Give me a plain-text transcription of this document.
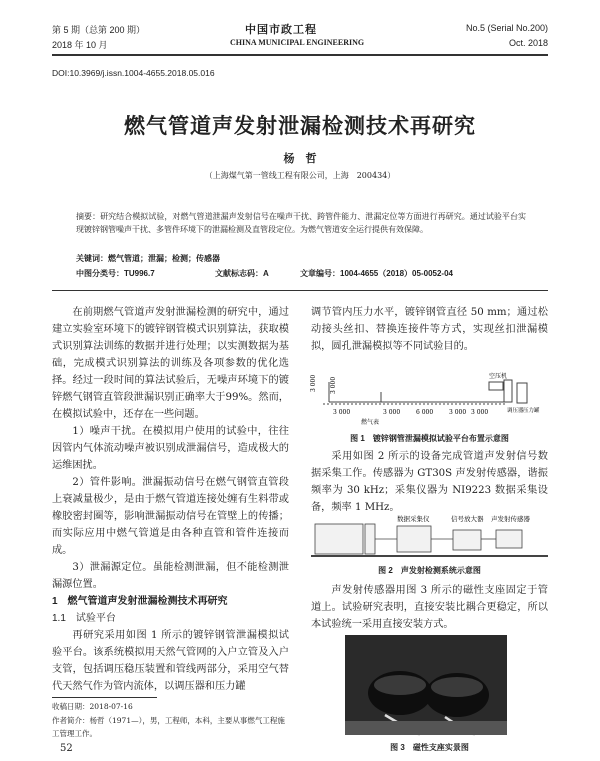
第 5 期（总第 200 期）
2018 年 10 月
中国市政工程
CHINA MUNICIPAL ENGINEERING
No.5 (Serial No.200)
Oct. 2018
DOI:10.3969/j.issn.1004-4655.2018.05.016
燃气管道声发射泄漏检测技术再研究
杨　哲
（上海煤气第一管线工程有限公司，上海　200434）
摘要：研究结合模拟试验，对燃气管道泄漏声发射信号在噪声干扰、跨管件能力、泄漏定位等方面进行再研究。通过试验平台实现镀锌钢管噪声干扰、多管件环境下的泄漏检测及直管段定位。为燃气管道安全运行提供有效保障。
关键词：燃气管道；泄漏；检测；传感器
中图分类号：TU996.7	文献标志码：A	文章编号：1004-4655（2018）05-0052-04

在前期燃气管道声发射泄漏检测的研究中，通过建立实验室环境下的镀锌钢管模式识别算法，获取模式识别算法训练的数据并进行处理；以实测数据为基础，完成模式识别算法的训练及各项参数的优化选择。经过一段时间的算法试验后，无噪声环境下的镀锌燃气钢管直管段泄漏识别正确率大于99%。然而，在模拟试验中，还存在一些问题。

1）噪声干扰。在模拟用户使用的试验中，往往因管内气体流动噪声被识别成泄漏信号，造成极大的运维困扰。

2）管件影响。泄漏振动信号在燃气钢管直管段上衰减量极少，是由于燃气管道连接处缠有生料带或橡胶密封圈等，影响泄漏振动信号在管壁上的传播；而实际应用中燃气管道是由各种直管和管件连接而成。

3）泄漏源定位。虽能检测泄漏，但不能检测泄漏源位置。

1　燃气管道声发射泄漏检测技术再研究

1.1　试验平台

再研究采用如图 1 所示的镀锌钢管泄漏模拟试验平台。该系统模拟用天然气管网的入户立管及入户支管，包括调压稳压装置和管线两部分，采用空气替代天然气作为管内流体，以调压器和压力罐

收稿日期：2018-07-16
作者简介：杨哲（1971—），男，工程师，本科，主要从事燃气工程施工管理工作。
52

调节管内压力水平，镀锌钢管直径 50 mm；通过松动接头丝扣、替换连接件等方式，实现丝扣泄漏模拟，圆孔泄漏模拟等不同试验目的。

3 000 3 000
3 000	3 000	6 000	3 000 3 000
空压机
调压器 压力罐
燃气表
图 1　镀锌钢管泄漏模拟试验平台布置示意图

采用如图 2 所示的设备完成管道声发射信号数据采集工作。传感器为 GT30S 声发射传感器，谐振频率为 30 kHz；采集仪器为 NI9223 数据采集设备，频率 1 MHz。

数据采集仪	信号放大器 声发射传感器
图 2　声发射检测系统示意图

声发射传感器用图 3 所示的磁性支座固定于管道上。试验研究表明，直接安装比耦合更稳定，所以本试验统一采用直接安装方式。

图 3　磁性支座实景图
